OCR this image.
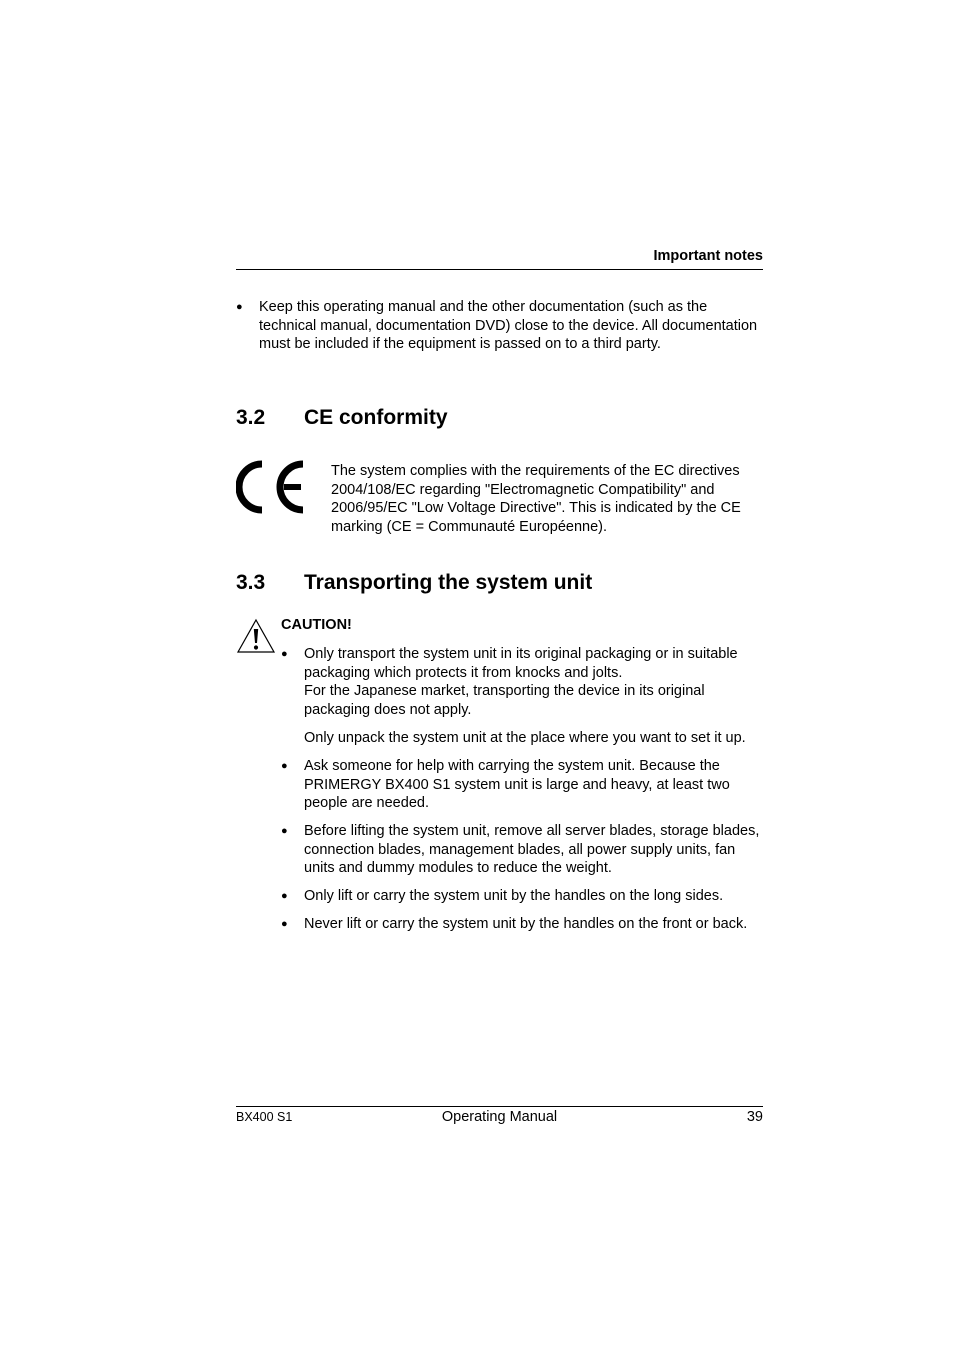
Important notes
● Keep this operating manual and the other documentation (such as the technical manual, documentation DVD) close to the device. All documentation must be included if the equipment is passed on to a third party.
3.2 CE conformity
The system complies with the requirements of the EC directives 2004/108/EC regarding "Electromagnetic Compatibility" and 2006/95/EC "Low Voltage Directive". This is indicated by the CE marking (CE = Communauté Européenne).
3.3 Transporting the system unit
CAUTION!
● Only transport the system unit in its original packaging or in suitable packaging which protects it from knocks and jolts.
For the Japanese market, transporting the device in its original packaging does not apply.
Only unpack the system unit at the place where you want to set it up.
● Ask someone for help with carrying the system unit. Because the PRIMERGY BX400 S1 system unit is large and heavy, at least two people are needed.
● Before lifting the system unit, remove all server blades, storage blades, connection blades, management blades, all power supply units, fan units and dummy modules to reduce the weight.
● Only lift or carry the system unit by the handles on the long sides.
● Never lift or carry the system unit by the handles on the front or back.
BX400 S1	Operating Manual	39
